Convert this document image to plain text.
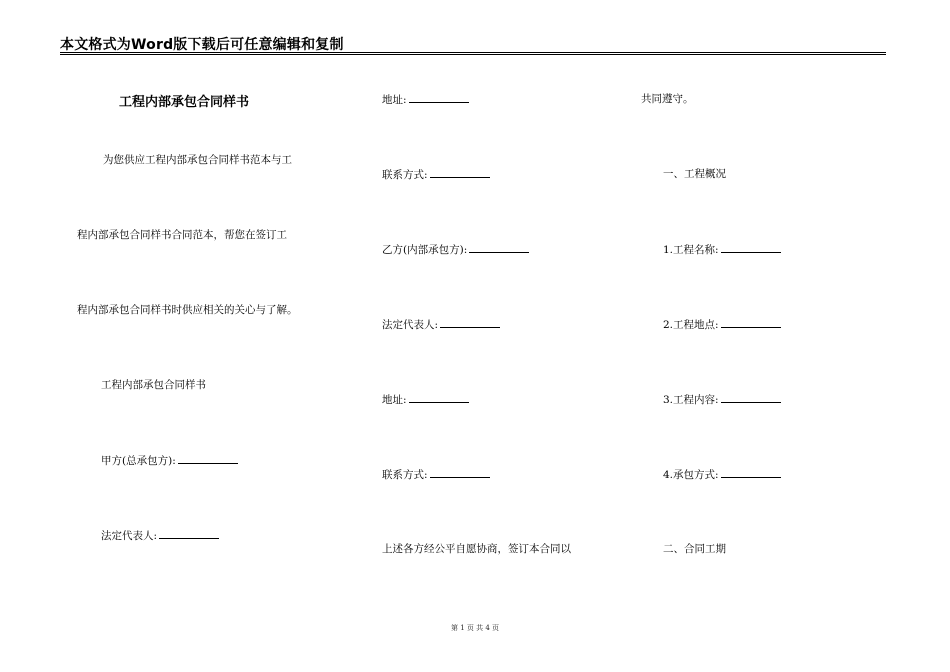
本文格式为Word版下载后可任意编辑和复制
工程内部承包合同样书
为您供应工程内部承包合同样书范本与工
程内部承包合同样书合同范本，帮您在签订工
程内部承包合同样书时供应相关的关心与了解。
工程内部承包合同样书
甲方(总承包方):
法定代表人:
地址:
联系方式:
乙方(内部承包方):
法定代表人:
地址:
联系方式:
上述各方经公平自愿协商，签订本合同以
共同遵守。
一、工程概况
1.工程名称:
2.工程地点:
3.工程内容:
4.承包方式:
二、合同工期
第 1 页 共 4 页
